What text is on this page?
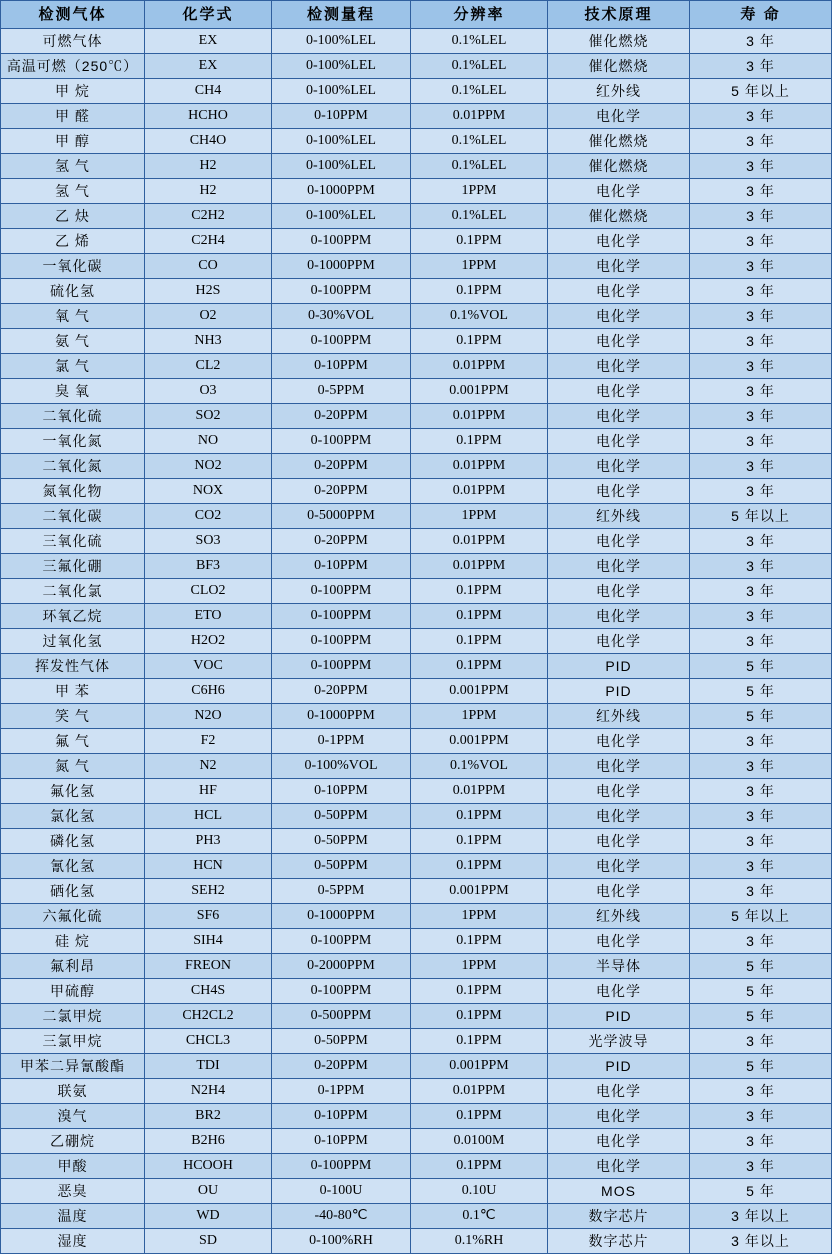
检测气体	化学式	检测量程	分辨率	技术原理	寿 命
可燃气体	EX	0-100%LEL	0.1%LEL	催化燃烧	3 年
高温可燃（250℃）	EX	0-100%LEL	0.1%LEL	催化燃烧	3 年
甲 烷	CH4	0-100%LEL	0.1%LEL	红外线	5 年以上
甲 醛	HCHO	0-10PPM	0.01PPM	电化学	3 年
甲 醇	CH4O	0-100%LEL	0.1%LEL	催化燃烧	3 年
氢 气	H2	0-100%LEL	0.1%LEL	催化燃烧	3 年
氢 气	H2	0-1000PPM	1PPM	电化学	3 年
乙 炔	C2H2	0-100%LEL	0.1%LEL	催化燃烧	3 年
乙 烯	C2H4	0-100PPM	0.1PPM	电化学	3 年
一氧化碳	CO	0-1000PPM	1PPM	电化学	3 年
硫化氢	H2S	0-100PPM	0.1PPM	电化学	3 年
氧 气	O2	0-30%VOL	0.1%VOL	电化学	3 年
氨 气	NH3	0-100PPM	0.1PPM	电化学	3 年
氯 气	CL2	0-10PPM	0.01PPM	电化学	3 年
臭 氧	O3	0-5PPM	0.001PPM	电化学	3 年
二氧化硫	SO2	0-20PPM	0.01PPM	电化学	3 年
一氧化氮	NO	0-100PPM	0.1PPM	电化学	3 年
二氧化氮	NO2	0-20PPM	0.01PPM	电化学	3 年
氮氧化物	NOX	0-20PPM	0.01PPM	电化学	3 年
二氧化碳	CO2	0-5000PPM	1PPM	红外线	5 年以上
三氧化硫	SO3	0-20PPM	0.01PPM	电化学	3 年
三氟化硼	BF3	0-10PPM	0.01PPM	电化学	3 年
二氧化氯	CLO2	0-100PPM	0.1PPM	电化学	3 年
环氧乙烷	ETO	0-100PPM	0.1PPM	电化学	3 年
过氧化氢	H2O2	0-100PPM	0.1PPM	电化学	3 年
挥发性气体	VOC	0-100PPM	0.1PPM	PID	5 年
甲 苯	C6H6	0-20PPM	0.001PPM	PID	5 年
笑 气	N2O	0-1000PPM	1PPM	红外线	5 年
氟 气	F2	0-1PPM	0.001PPM	电化学	3 年
氮 气	N2	0-100%VOL	0.1%VOL	电化学	3 年
氟化氢	HF	0-10PPM	0.01PPM	电化学	3 年
氯化氢	HCL	0-50PPM	0.1PPM	电化学	3 年
磷化氢	PH3	0-50PPM	0.1PPM	电化学	3 年
氰化氢	HCN	0-50PPM	0.1PPM	电化学	3 年
硒化氢	SEH2	0-5PPM	0.001PPM	电化学	3 年
六氟化硫	SF6	0-1000PPM	1PPM	红外线	5 年以上
硅 烷	SIH4	0-100PPM	0.1PPM	电化学	3 年
氟利昂	FREON	0-2000PPM	1PPM	半导体	5 年
甲硫醇	CH4S	0-100PPM	0.1PPM	电化学	5 年
二氯甲烷	CH2CL2	0-500PPM	0.1PPM	PID	5 年
三氯甲烷	CHCL3	0-50PPM	0.1PPM	光学波导	3 年
甲苯二异氰酸酯	TDI	0-20PPM	0.001PPM	PID	5 年
联氨	N2H4	0-1PPM	0.01PPM	电化学	3 年
溴气	BR2	0-10PPM	0.1PPM	电化学	3 年
乙硼烷	B2H6	0-10PPM	0.0100M	电化学	3 年
甲酸	HCOOH	0-100PPM	0.1PPM	电化学	3 年
恶臭	OU	0-100U	0.10U	MOS	5 年
温度	WD	-40-80℃	0.1℃	数字芯片	3 年以上
湿度	SD	0-100%RH	0.1%RH	数字芯片	3 年以上
